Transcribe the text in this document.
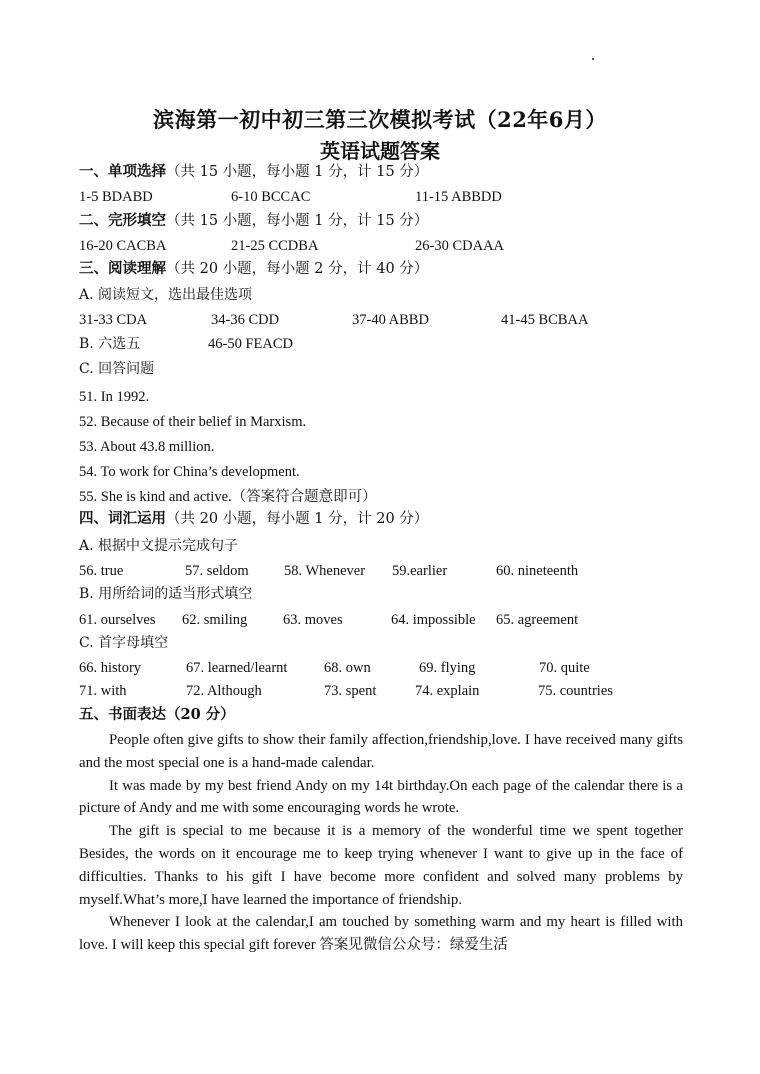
滨海第一初中初三第三次模拟考试（22年6月）
英语试题答案
一、单项选择（共 15 小题，每小题 1 分，计 15 分）
1-5 BDABD	6-10 BCCAC	11-15 ABBDD
二、完形填空（共 15 小题，每小题 1 分，计 15 分）
16-20 CACBA	21-25 CCDBA	26-30 CDAAA
三、阅读理解（共 20 小题，每小题 2 分，计 40 分）
A. 阅读短文，选出最佳选项
31-33 CDA	34-36 CDD	37-40 ABBD	41-45 BCBAA
B. 六选五	46-50 FEACD
C. 回答问题
51. In 1992.
52. Because of their belief in Marxism.
53. About 43.8 million.
54. To work for China’s development.
55. She is kind and active.（答案符合题意即可）
四、词汇运用（共 20 小题，每小题 1 分，计 20 分）
A. 根据中文提示完成句子
56. true	57. seldom 58. Whenever 59.earlier	60. nineteenth
B. 用所给词的适当形式填空
61. ourselves 62. smiling 63. moves	64. impossible 65. agreement
C. 首字母填空
66. history	67. learned/learnt	68. own	69. flying	70. quite
71. with	72. Although	73. spent	74. explain	75. countries
五、书面表达（20 分）

People often give gifts to show their family affection,friendship,love. I have received many gifts and the most special one is a hand-made calendar.

It was made by my best friend Andy on my 14t birthday.On each page of the calendar there is a picture of Andy and me with some encouraging words he wrote.

The gift is special to me because it is a memory of the wonderful time we spent together Besides, the words on it encourage me to keep trying whenever I want to give up in the face of difficulties. Thanks to his gift I have become more confident and solved many problems by myself.What’s more,I have learned the importance of friendship.

Whenever I look at the calendar,I am touched by something warm and my heart is filled with love. I will keep this special gift forever 答案见微信公众号：绿爱生活
